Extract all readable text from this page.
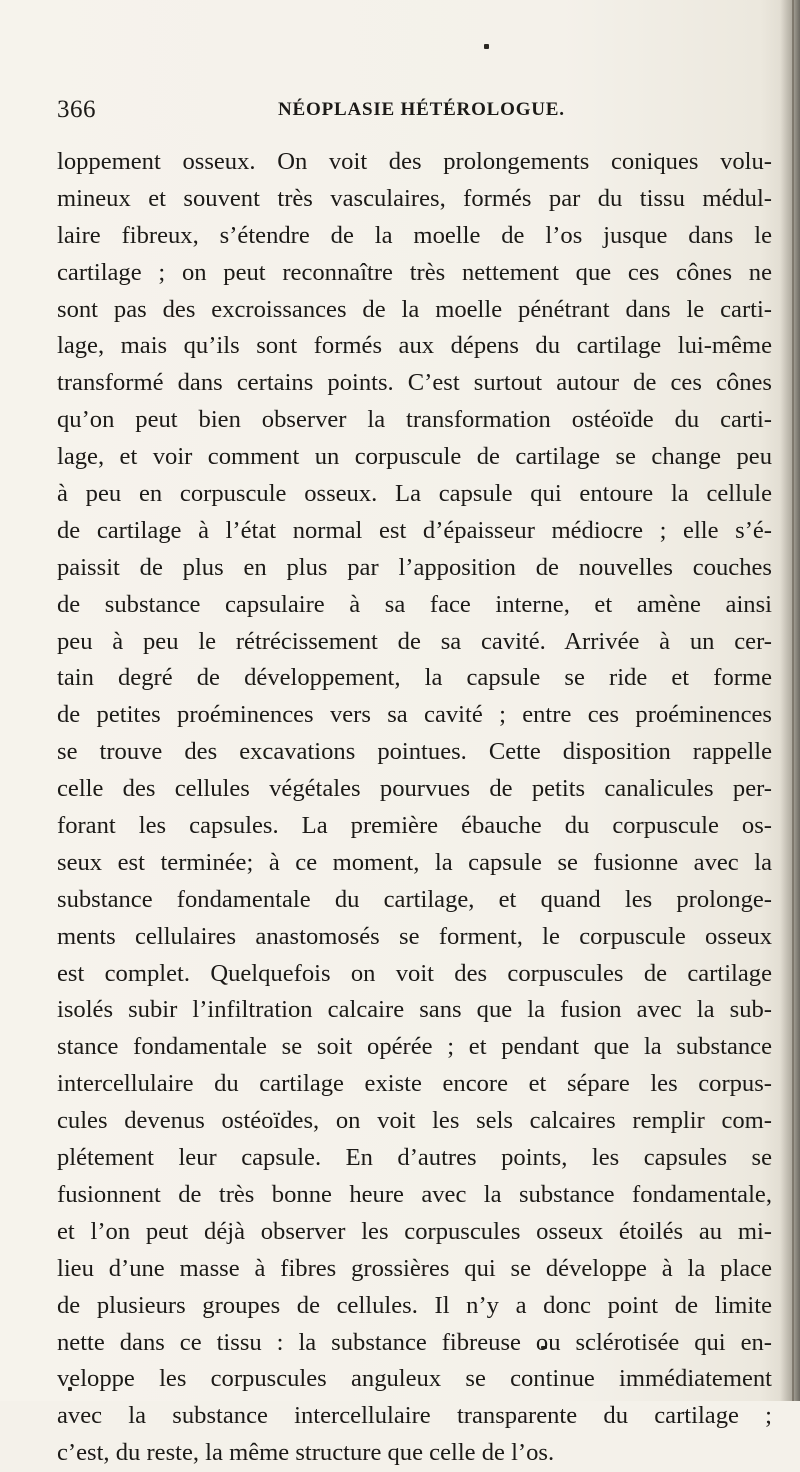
366	NÉOPLASIE HÉTÉROLOGUE.
loppement osseux. On voit des prolongements coniques volu-
mineux et souvent très vasculaires, formés par du tissu médul-
laire fibreux, s’étendre de la moelle de l’os jusque dans le
cartilage ; on peut reconnaître très nettement que ces cônes ne
sont pas des excroissances de la moelle pénétrant dans le carti-
lage, mais qu’ils sont formés aux dépens du cartilage lui-même
transformé dans certains points. C’est surtout autour de ces cônes
qu’on peut bien observer la transformation ostéoïde du carti-
lage, et voir comment un corpuscule de cartilage se change peu
à peu en corpuscule osseux. La capsule qui entoure la cellule
de cartilage à l’état normal est d’épaisseur médiocre ; elle s’é-
paissit de plus en plus par l’apposition de nouvelles couches
de substance capsulaire à sa face interne, et amène ainsi
peu à peu le rétrécissement de sa cavité. Arrivée à un cer-
tain degré de développement, la capsule se ride et forme
de petites proéminences vers sa cavité ; entre ces proéminences
se trouve des excavations pointues. Cette disposition rappelle
celle des cellules végétales pourvues de petits canalicules per-
forant les capsules. La première ébauche du corpuscule os-
seux est terminée; à ce moment, la capsule se fusionne avec la
substance fondamentale du cartilage, et quand les prolonge-
ments cellulaires anastomosés se forment, le corpuscule osseux
est complet. Quelquefois on voit des corpuscules de cartilage
isolés subir l’infiltration calcaire sans que la fusion avec la sub-
stance fondamentale se soit opérée ; et pendant que la substance
intercellulaire du cartilage existe encore et sépare les corpus-
cules devenus ostéoïdes, on voit les sels calcaires remplir com-
plétement leur capsule. En d’autres points, les capsules se
fusionnent de très bonne heure avec la substance fondamentale,
et l’on peut déjà observer les corpuscules osseux étoilés au mi-
lieu d’une masse à fibres grossières qui se développe à la place
de plusieurs groupes de cellules. Il n’y a donc point de limite
nette dans ce tissu : la substance fibreuse ou sclérotisée qui en-
veloppe les corpuscules anguleux se continue immédiatement
avec la substance intercellulaire transparente du cartilage ;
c’est, du reste, la même structure que celle de l’os.
